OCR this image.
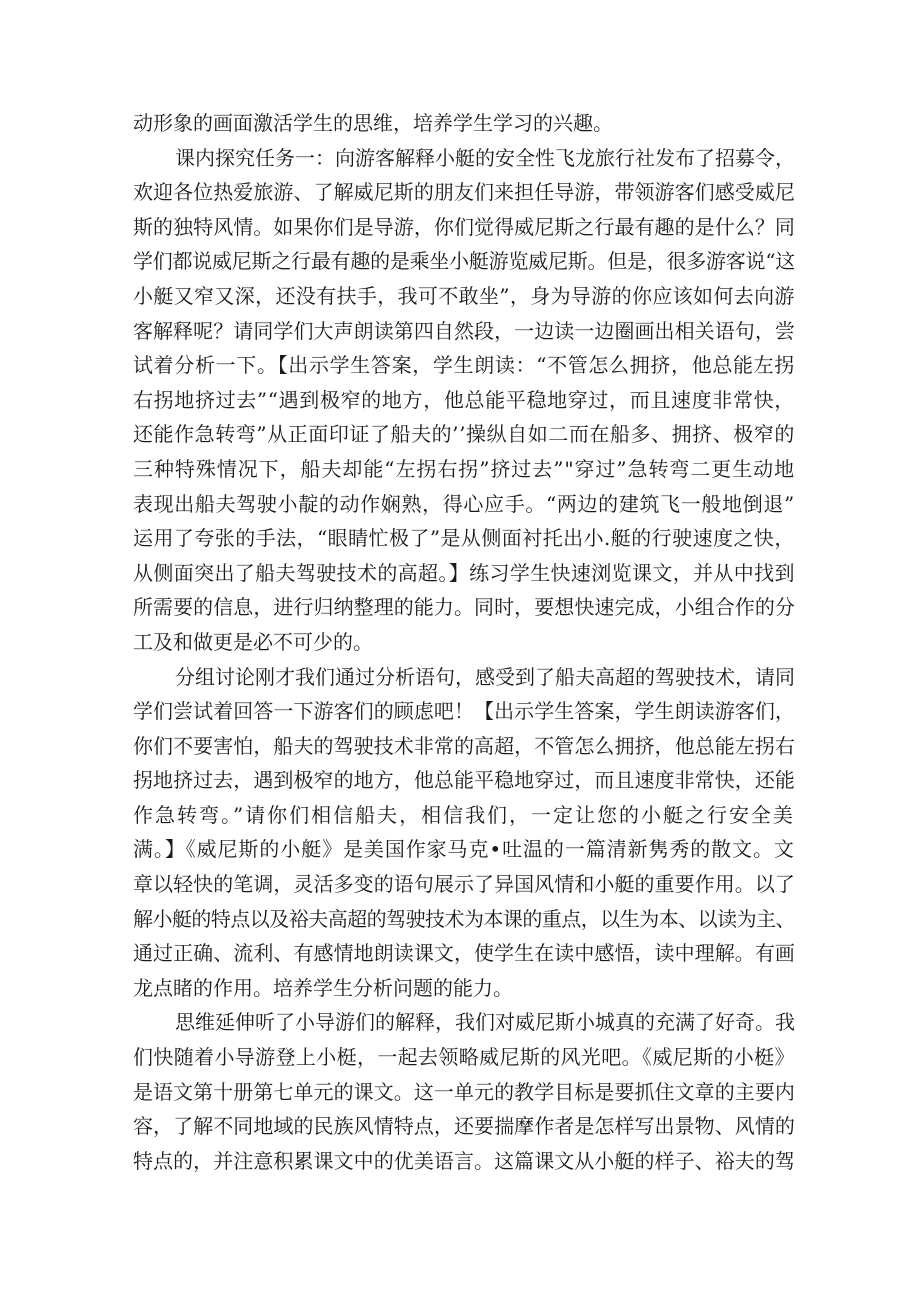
动形象的画面激活学生的思维，培养学生学习的兴趣。
课内探究任务一：向游客解释小艇的安全性飞龙旅行社发布了招募令，
欢迎各位热爱旅游、了解威尼斯的朋友们来担任导游，带领游客们感受威尼
斯的独特风情。如果你们是导游，你们觉得威尼斯之行最有趣的是什么？同
学们都说威尼斯之行最有趣的是乘坐小艇游览威尼斯。但是，很多游客说“这
小艇又窄又深，还没有扶手，我可不敢坐”，身为导游的你应该如何去向游
客解释呢？请同学们大声朗读第四自然段，一边读一边圈画出相关语句，尝
试着分析一下。【出示学生答案，学生朗读：“不管怎么拥挤，他总能左拐
右拐地挤过去”“遇到极窄的地方，他总能平稳地穿过，而且速度非常快，
还能作急转弯”从正面印证了船夫的’’操纵自如二而在船多、拥挤、极窄的
三种特殊情况下，船夫却能“左拐右拐”挤过去”"穿过”急转弯二更生动地
表现出船夫驾驶小靛的动作娴熟，得心应手。“两边的建筑飞一般地倒退”
运用了夸张的手法，“眼睛忙极了”是从侧面衬托出小.艇的行驶速度之快，
从侧面突出了船夫驾驶技术的高超。】练习学生快速浏览课文，并从中找到
所需要的信息，进行归纳整理的能力。同时，要想快速完成，小组合作的分
工及和做更是必不可少的。
分组讨论刚才我们通过分析语句，感受到了船夫高超的驾驶技术，请同
学们尝试着回答一下游客们的顾虑吧！【出示学生答案，学生朗读游客们，
你们不要害怕，船夫的驾驶技术非常的高超，不管怎么拥挤，他总能左拐右
拐地挤过去，遇到极窄的地方，他总能平稳地穿过，而且速度非常快，还能
作急转弯。”请你们相信船夫，相信我们，一定让您的小艇之行安全美
满。】《威尼斯的小艇》是美国作家马克•吐温的一篇清新隽秀的散文。文
章以轻快的笔调，灵活多变的语句展示了异国风情和小艇的重要作用。以了
解小艇的特点以及裕夫高超的驾驶技术为本课的重点，以生为本、以读为主、
通过正确、流利、有感情地朗读课文，使学生在读中感悟，读中理解。有画
龙点睹的作用。培养学生分析问题的能力。
思维延伸听了小导游们的解释，我们对威尼斯小城真的充满了好奇。我
们快随着小导游登上小梃，一起去领略威尼斯的风光吧。《威尼斯的小梃》
是语文第十册第七单元的课文。这一单元的教学目标是要抓住文章的主要内
容，了解不同地域的民族风情特点，还要揣摩作者是怎样写出景物、风情的
特点的，并注意积累课文中的优美语言。这篇课文从小艇的样子、裕夫的驾
